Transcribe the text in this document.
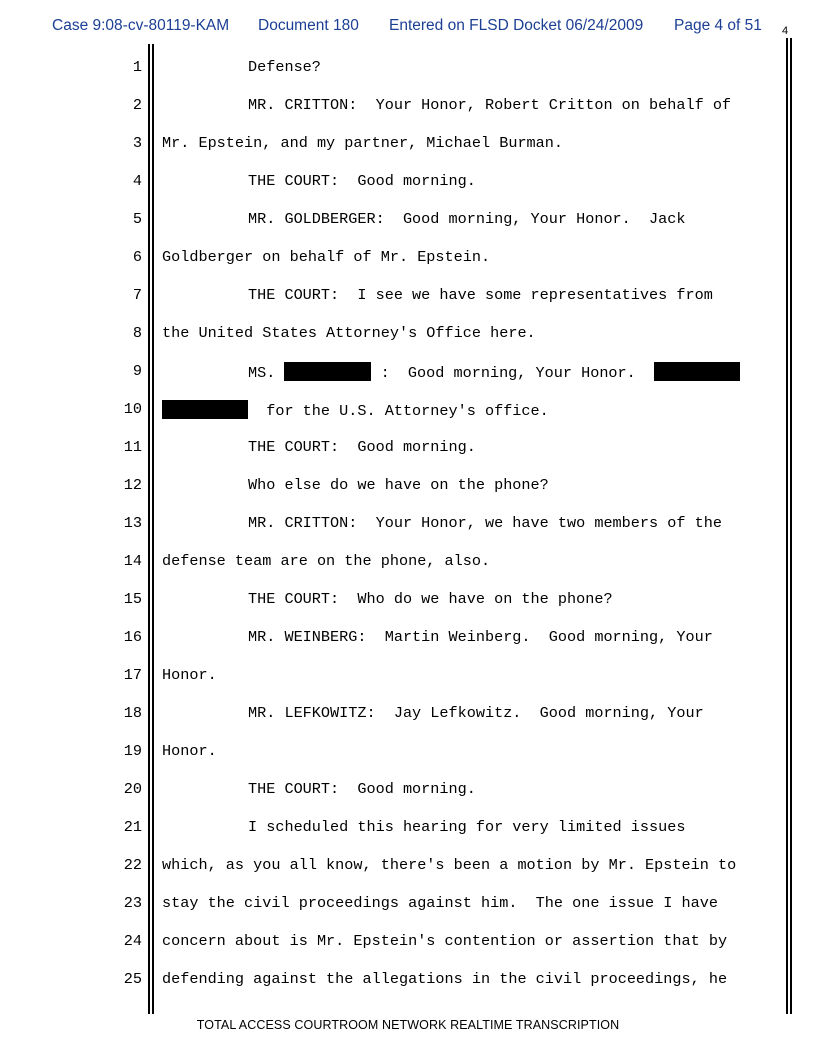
Case 9:08-cv-80119-KAM Document 180 Entered on FLSD Docket 06/24/2009 Page 4 of 51 4
1	Defense?
2	MR. CRITTON:  Your Honor, Robert Critton on behalf of
3 Mr. Epstein, and my partner, Michael Burman.
4	THE COURT:  Good morning.
5	MR. GOLDBERGER:  Good morning, Your Honor.  Jack
6 Goldberger on behalf of Mr. Epstein.
7	THE COURT:  I see we have some representatives from
8 the United States Attorney's Office here.
9	MS.	:  Good morning, Your Honor.
10	for the U.S. Attorney's office.
11	THE COURT:  Good morning.
12	Who else do we have on the phone?
13	MR. CRITTON:  Your Honor, we have two members of the
14 defense team are on the phone, also.
15	THE COURT:  Who do we have on the phone?
16	MR. WEINBERG:  Martin Weinberg.  Good morning, Your
17 Honor.
18	MR. LEFKOWITZ:  Jay Lefkowitz.  Good morning, Your
19 Honor.
20	THE COURT:  Good morning.
21	I scheduled this hearing for very limited issues
22 which, as you all know, there's been a motion by Mr. Epstein to
23 stay the civil proceedings against him.  The one issue I have
24 concern about is Mr. Epstein's contention or assertion that by
25 defending against the allegations in the civil proceedings, he
TOTAL ACCESS COURTROOM NETWORK REALTIME TRANSCRIPTION
